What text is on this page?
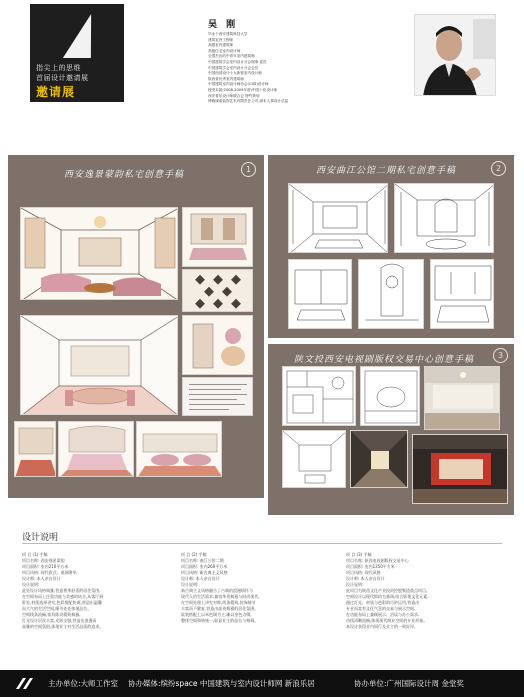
指尖上的思维
首届设计邀请展
邀请展
吴 刚
毕业于西安建筑科技大学
建筑室内工程师
高级室内建筑师
高级住宅室内设计师
全国杰出的中青年室内建筑师
中国建筑学会室内设计分会理事 委员
中国建筑学会室内设计分会会员
中国西部设计十大新锐室内设计师
陕西省优秀室内建筑师
中国建筑室内设计师协会(CIID)设计师
授受本届(2008-2009年度)中国十佳设计师
西安青年设计师联合会 特约策划
博雅诚诺装饰艺术有限责任公司 副本人事设计总监
西安逸景蒙韵私宅创意手稿
1	西安曲江公馆二期私宅创意手稿	2
陕文投西安电视剧版权交易中心创意手稿	3
设计说明
项 目 (1) 手稿
项目名称: 西安逸景蒙韵
项目面积: 室内210平方米
项目风格: 现代欧式、低调奢华
设计师: 本人亲自设计
设计说明:
此处设计风格典雅,营造奢华舒适的居住氛围,
在空间布局上注重功能与美感的结合,从客厅到
卧室,材质选择讲究,色彩搭配协调,营造出温馨
而大气的生活空间,细节处处体现品位。
空间线条流畅,家具陈设精致典雅,
灯光设计层次丰富,光影交错,营造出浪漫而
高雅的空间氛围,体现业主对生活品质的追求。
项 目 (2) 手稿
项目名称: 曲江公馆二期
项目面积: 室内260平方米
项目风格: 新古典主义风格
设计师: 本人亲自设计
设计说明:
新古典主义风格融合了古典的浪漫情怀与
现代人的生活需求,兼容华贵典雅与时尚现代,
在空间处理上讲究对称,线条精致,装饰细节
丰富而不繁复,营造出高贵典雅的居住氛围。
软装搭配上以米色调为主,辅以金色点缀,
整体空间和谐统一,彰显业主的品位与格调。
项 目 (3) 手稿
项目名称: 陕西电视剧版权交易中心
项目面积: 室内1350平方米
项目风格: 现代风格
设计师: 本人亲自设计
设计说明:
此项目为陕西文化产业投资控股集团重点项目,
空间设计以现代简约为基调,结合影视文化元素,
通过灯光、材质与色彩的巧妙运用,营造出
专业而富有文化气息的交易与展示空间。
在功能布局上兼顾展示、洽谈与办公需求,
动线清晰流畅,体现现代商业空间的专业形象。
本设计获得业内同行及业主的一致好评。
主办单位:大师工作室 协办媒体:缤纷space 中国建筑与室内设计师网 新浪乐居	协办单位:广州国际设计周 金堂奖
